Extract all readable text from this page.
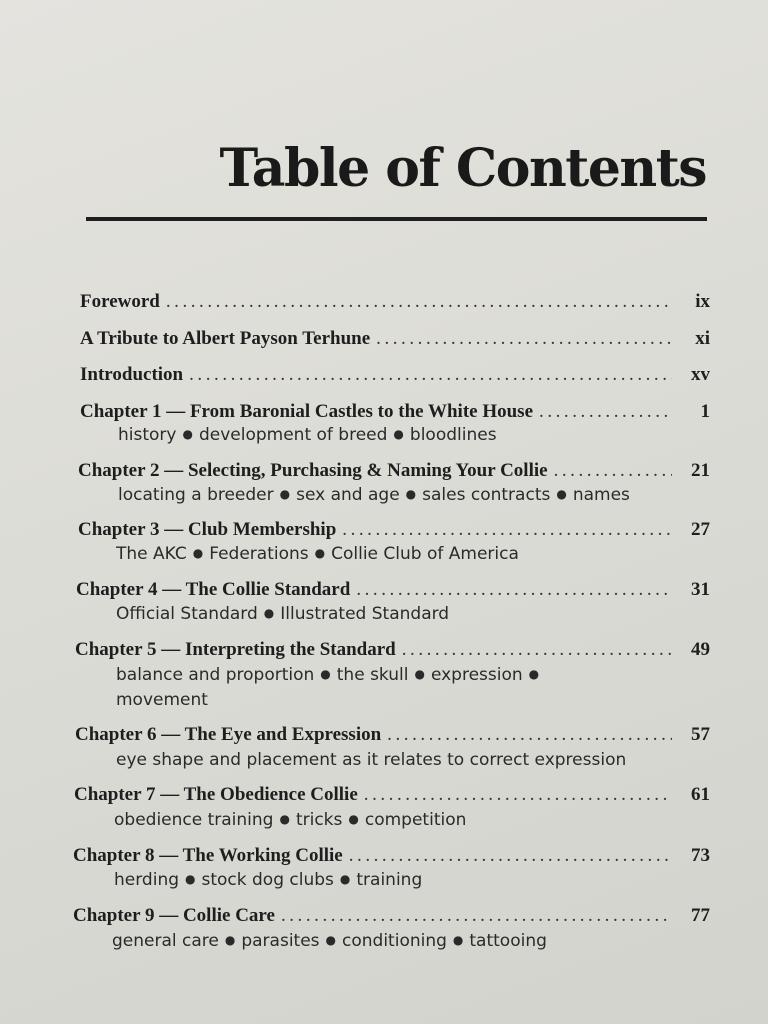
Table of Contents
Foreword . . .	ix
A Tribute to Albert Payson Terhune . . .	xi
Introduction . . .	xv
Chapter 1 — From Baronial Castles to the White House . . .	1
history ● development of breed ● bloodlines
Chapter 2 — Selecting, Purchasing & Naming Your Collie . . .	21
locating a breeder ● sex and age ● sales contracts ● names
Chapter 3 — Club Membership . . .	27
The AKC ● Federations ● Collie Club of America
Chapter 4 — The Collie Standard . . .	31
Official Standard ● Illustrated Standard
Chapter 5 — Interpreting the Standard . . .	49
balance and proportion ● the skull ● expression ●
movement
Chapter 6 — The Eye and Expression . . .	57
eye shape and placement as it relates to correct expression
Chapter 7 — The Obedience Collie . . .	61
obedience training ● tricks ● competition
Chapter 8 — The Working Collie . . .	73
herding ● stock dog clubs ● training
Chapter 9 — Collie Care . . .	77
general care ● parasites ● conditioning ● tattooing
